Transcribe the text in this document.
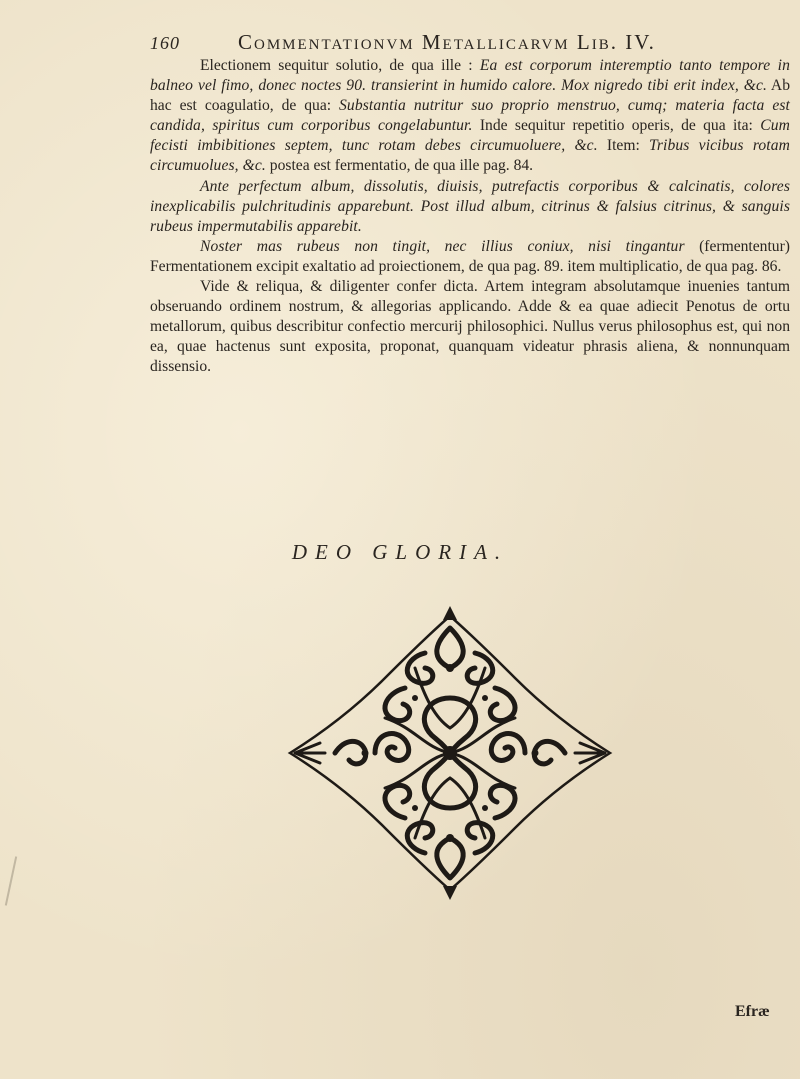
160	Commentationvm Metallicarvm Lib. IV.

Electionem sequitur solutio, de qua ille : Ea est corporum interemptio tanto tempore in balneo vel fimo, donec noctes 90. transierint in humido calore. Mox nigredo tibi erit index, &c. Ab hac est coagulatio, de qua: Substantia nutritur suo proprio menstruo, cumq; materia facta est candida, spiritus cum corporibus congelabuntur. Inde sequitur repetitio operis, de qua ita: Cum fecisti imbibitiones septem, tunc rotam debes circumuoluere, &c. Item: Tribus vicibus rotam circumuolues, &c. postea est fermentatio, de qua ille pag. 84.

Ante perfectum album, dissolutis, diuisis, putrefactis corporibus & calcinatis, colores inexplicabilis pulchritudinis apparebunt. Post illud album, citrinus & falsius citrinus, & sanguis rubeus impermutabilis apparebit.

Noster mas rubeus non tingit, nec illius coniux, nisi tingantur (fermententur) Fermentationem excipit exaltatio ad proiectionem, de qua pag. 89. item multiplicatio, de qua pag. 86.

Vide & reliqua, & diligenter confer dicta. Artem integram absolutamque inuenies tantum obseruando ordinem nostrum, & allegorias applicando. Adde & ea quae adiecit Penotus de ortu metallorum, quibus describitur confectio mercurij philosophici. Nullus verus philosophus est, qui non ea, quae hactenus sunt exposita, proponat, quanquam videatur phrasis aliena, & nonnunquam dissensio.

DEO GLORIA.
Efræ
